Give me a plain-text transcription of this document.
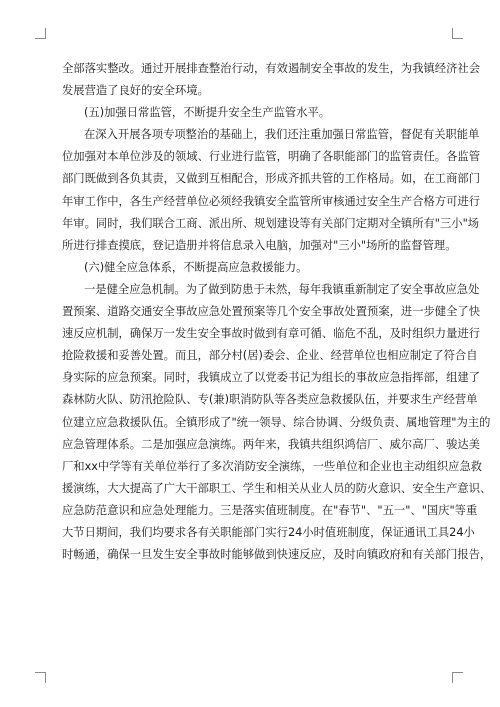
全部落实整改。通过开展排查整治行动，有效遏制安全事故的发生，为我镇经济社会
发展营造了良好的安全环境。
(五)加强日常监管，不断提升安全生产监管水平。
在深入开展各项专项整治的基础上，我们还注重加强日常监管，督促有关职能单
位加强对本单位涉及的领域、行业进行监管，明确了各职能部门的监管责任。各监管
部门既做到各负其责，又做到互相配合，形成齐抓共管的工作格局。如，在工商部门
年审工作中，各生产经营单位必须经我镇安全监管所审核通过安全生产合格方可进行
年审。同时，我们联合工商、派出所、规划建设等有关部门定期对全镇所有"三小"场
所进行排查摸底，登记造册并将信息录入电脑，加强对"三小"场所的监督管理。
(六)健全应急体系，不断提高应急救援能力。
一是健全应急机制。为了做到防患于未然，每年我镇重新制定了安全事故应急处
置预案、道路交通安全事故应急处置预案等几个安全事故处置预案，进一步健全了快
速反应机制，确保万一发生安全事故时做到有章可循、临危不乱，及时组织力量进行
抢险救援和妥善处置。而且，部分村(居)委会、企业、经营单位也相应制定了符合自
身实际的应急预案。同时，我镇成立了以党委书记为组长的事故应急指挥部，组建了
森林防火队、防汛抢险队、专(兼)职消防队等各类应急救援队伍，并要求生产经营单
位建立应急救援队伍。全镇形成了"统一领导、综合协调、分级负责、属地管理"为主的
应急管理体系。二是加强应急演练。两年来，我镇共组织鸿信厂、威尔高厂、骏达美
厂和xx中学等有关单位举行了多次消防安全演练，一些单位和企业也主动组织应急救
援演练，大大提高了广大干部职工、学生和相关从业人员的防火意识、安全生产意识、
应急防范意识和应急处理能力。三是落实值班制度。在"春节"、"五一"、"国庆"等重
大节日期间，我们均要求各有关职能部门实行24小时值班制度，保证通讯工具24小
时畅通，确保一旦发生安全事故时能够做到快速反应，及时向镇政府和有关部门报告，
